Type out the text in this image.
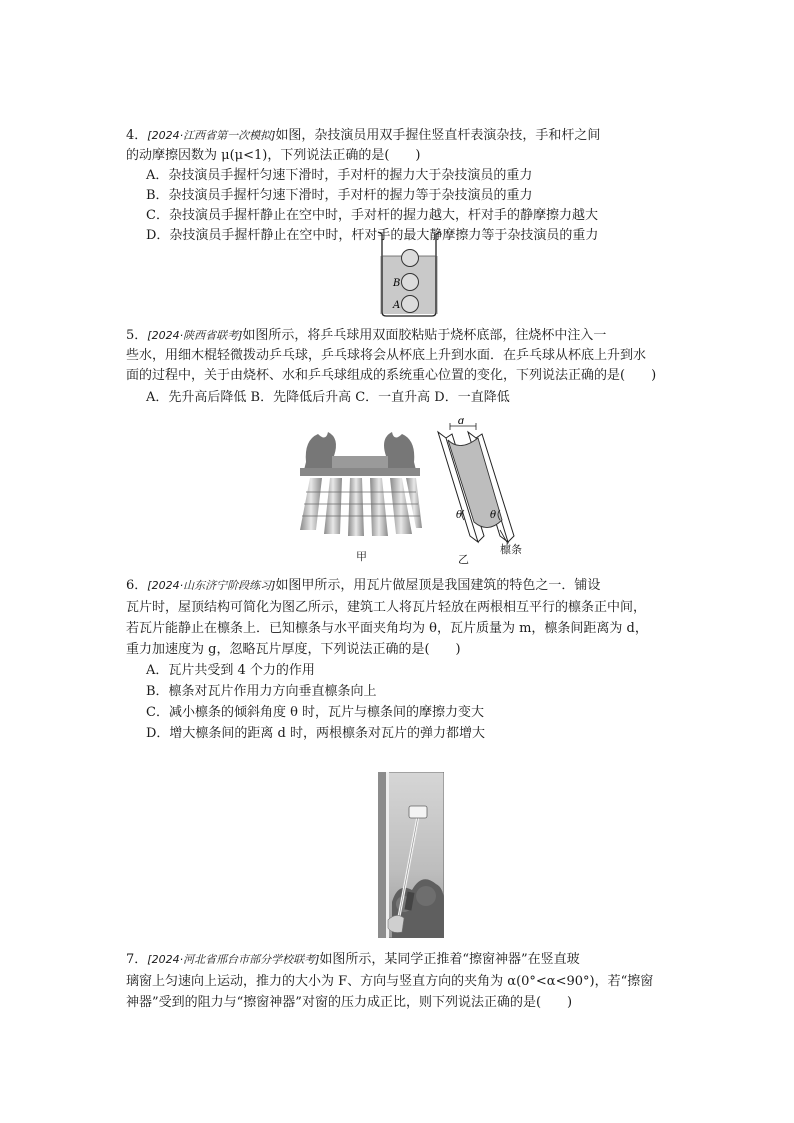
4．[2024·江西省第一次模拟]如图，杂技演员用双手握住竖直杆表演杂技，手和杆之间
的动摩擦因数为 μ(μ<1)，下列说法正确的是(　　)
A．杂技演员手握杆匀速下滑时，手对杆的握力大于杂技演员的重力
B．杂技演员手握杆匀速下滑时，手对杆的握力等于杂技演员的重力
C．杂技演员手握杆静止在空中时，手对杆的握力越大，杆对手的静摩擦力越大
D．杂技演员手握杆静止在空中时，杆对手的最大静摩擦力等于杂技演员的重力
B
A
5．[2024·陕西省联考]如图所示，将乒乓球用双面胶粘贴于烧杯底部，往烧杯中注入一
些水，用细木棍轻微拨动乒乓球，乒乓球将会从杯底上升到水面．在乒乓球从杯底上升到水
面的过程中，关于由烧杯、水和乒乓球组成的系统重心位置的变化，下列说法正确的是(　　)
A．先升高后降低 B．先降低后升高 C．一直升高 D．一直降低
甲
d
θ	θ
乙
檩条
6．[2024·山东济宁阶段练习]如图甲所示，用瓦片做屋顶是我国建筑的特色之一．铺设
瓦片时，屋顶结构可简化为图乙所示，建筑工人将瓦片轻放在两根相互平行的檩条正中间，
若瓦片能静止在檩条上．已知檩条与水平面夹角均为 θ，瓦片质量为 m，檩条间距离为 d，
重力加速度为 g，忽略瓦片厚度，下列说法正确的是(　　)
A．瓦片共受到 4 个力的作用
B．檩条对瓦片作用力方向垂直檩条向上
C．减小檩条的倾斜角度 θ 时，瓦片与檩条间的摩擦力变大
D．增大檩条间的距离 d 时，两根檩条对瓦片的弹力都增大
7．[2024·河北省邢台市部分学校联考]如图所示，某同学正推着“擦窗神器”在竖直玻
璃窗上匀速向上运动，推力的大小为 F、方向与竖直方向的夹角为 α(0°<α<90°)，若“擦窗
神器”受到的阻力与“擦窗神器”对窗的压力成正比，则下列说法正确的是(　　)
